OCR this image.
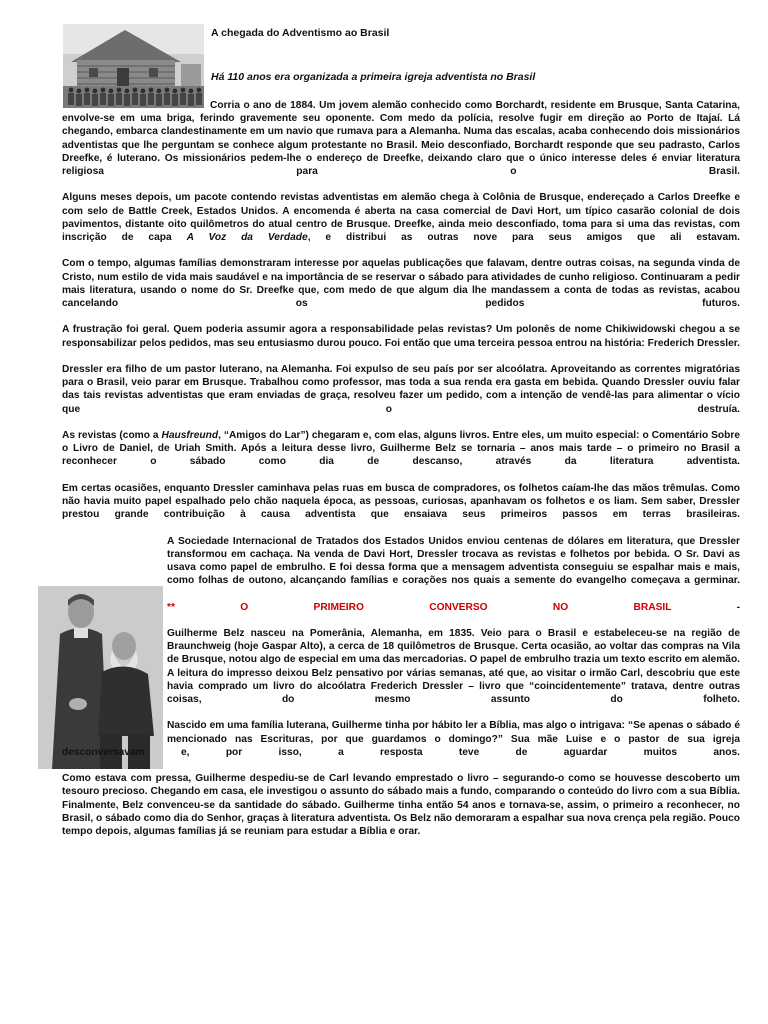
A chegada do Adventismo ao Brasil
Há 110 anos era organizada a primeira igreja adventista no Brasil

Corria o ano de 1884. Um jovem alemão conhecido como Borchardt, residente em Brusque, Santa Catarina, envolve-se em uma briga, ferindo gravemente seu oponente. Com medo da polícia, resolve fugir em direção ao Porto de Itajaí. Lá chegando, embarca clandestinamente em um navio que rumava para a Alemanha. Numa das escalas, acaba conhecendo dois missionários adventistas que lhe perguntam se conhece algum protestante no Brasil. Meio desconfiado, Borchardt responde que seu padrasto, Carlos Dreefke, é luterano. Os missionários pedem-lhe o endereço de Dreefke, deixando claro que o único interesse deles é enviar literatura religiosa para o Brasil.

Alguns meses depois, um pacote contendo revistas adventistas em alemão chega à Colônia de Brusque, endereçado a Carlos Dreefke e com selo de Battle Creek, Estados Unidos. A encomenda é aberta na casa comercial de Davi Hort, um típico casarão colonial de dois pavimentos, distante oito quilômetros do atual centro de Brusque. Dreefke, ainda meio desconfiado, toma para si uma das revistas, com inscrição de capa A Voz da Verdade, e distribui as outras nove para seus amigos que ali estavam.

Com o tempo, algumas famílias demonstraram interesse por aquelas publicações que falavam, dentre outras coisas, na segunda vinda de Cristo, num estilo de vida mais saudável e na importância de se reservar o sábado para atividades de cunho religioso. Continuaram a pedir mais literatura, usando o nome do Sr. Dreefke que, com medo de que algum dia lhe mandassem a conta de todas as revistas, acabou cancelando os pedidos futuros.

A frustração foi geral. Quem poderia assumir agora a responsabilidade pelas revistas? Um polonês de nome Chikiwidowski chegou a se responsabilizar pelos pedidos, mas seu entusiasmo durou pouco. Foi então que uma terceira pessoa entrou na história: Frederich Dressler.

Dressler era filho de um pastor luterano, na Alemanha. Foi expulso de seu país por ser alcoólatra. Aproveitando as correntes migratórias para o Brasil, veio parar em Brusque. Trabalhou como professor, mas toda a sua renda era gasta em bebida. Quando Dressler ouviu falar das tais revistas adventistas que eram enviadas de graça, resolveu fazer um pedido, com a intenção de vendê-las para alimentar o vício que o destruía.

As revistas (como a Hausfreund, “Amigos do Lar”) chegaram e, com elas, alguns livros. Entre eles, um muito especial: o Comentário Sobre o Livro de Daniel, de Uriah Smith. Após a leitura desse livro, Guilherme Belz se tornaria – anos mais tarde – o primeiro no Brasil a reconhecer o sábado como dia de descanso, através da literatura adventista.

Em certas ocasiões, enquanto Dressler caminhava pelas ruas em busca de compradores, os folhetos caíam-lhe das mãos trêmulas. Como não havia muito papel espalhado pelo chão naquela época, as pessoas, curiosas, apanhavam os folhetos e os liam. Sem saber, Dressler prestou grande contribuição à causa adventista que ensaiava seus primeiros passos em terras brasileiras.

A Sociedade Internacional de Tratados dos Estados Unidos enviou centenas de dólares em literatura, que Dressler transformou em cachaça. Na venda de Davi Hort, Dressler trocava as revistas e folhetos por bebida. O Sr. Davi as usava como papel de embrulho. E foi dessa forma que a mensagem adventista conseguiu se espalhar mais e mais, como folhas de outono, alcançando famílias e corações nos quais a semente do evangelho começava a germinar.

** O PRIMEIRO CONVERSO NO BRASIL	-

Guilherme Belz nasceu na Pomerânia, Alemanha, em 1835. Veio para o Brasil e estabeleceu-se na região de Braunchweig (hoje Gaspar Alto), a cerca de 18 quilômetros de Brusque. Certa ocasião, ao voltar das compras na Vila de Brusque, notou algo de especial em uma das mercadorias. O papel de embrulho trazia um texto escrito em alemão. A leitura do impresso deixou Belz pensativo por várias semanas, até que, ao visitar o irmão Carl, descobriu que este havia comprado um livro do alcoólatra Frederich Dressler – livro que “coincidentemente” tratava, dentre outras coisas, do mesmo assunto do folheto.

Nascido em uma família luterana, Guilherme tinha por hábito ler a Bíblia, mas algo o intrigava: “Se apenas o sábado é mencionado nas Escrituras, por que guardamos o domingo?” Sua mãe Luise e o pastor de sua igreja desconversavam e, por isso, a resposta teve de aguardar muitos anos.

Como estava com pressa, Guilherme despediu-se de Carl levando emprestado o livro – segurando-o como se houvesse descoberto um tesouro precioso. Chegando em casa, ele investigou o assunto do sábado mais a fundo, comparando o conteúdo do livro com a sua Bíblia. Finalmente, Belz convenceu-se da santidade do sábado. Guilherme tinha então 54 anos e tornava-se, assim, o primeiro a reconhecer, no Brasil, o sábado como dia do Senhor, graças à literatura adventista. Os Belz não demoraram a espalhar sua nova crença pela região. Pouco tempo depois, algumas famílias já se reuniam para estudar a Bíblia e orar.
